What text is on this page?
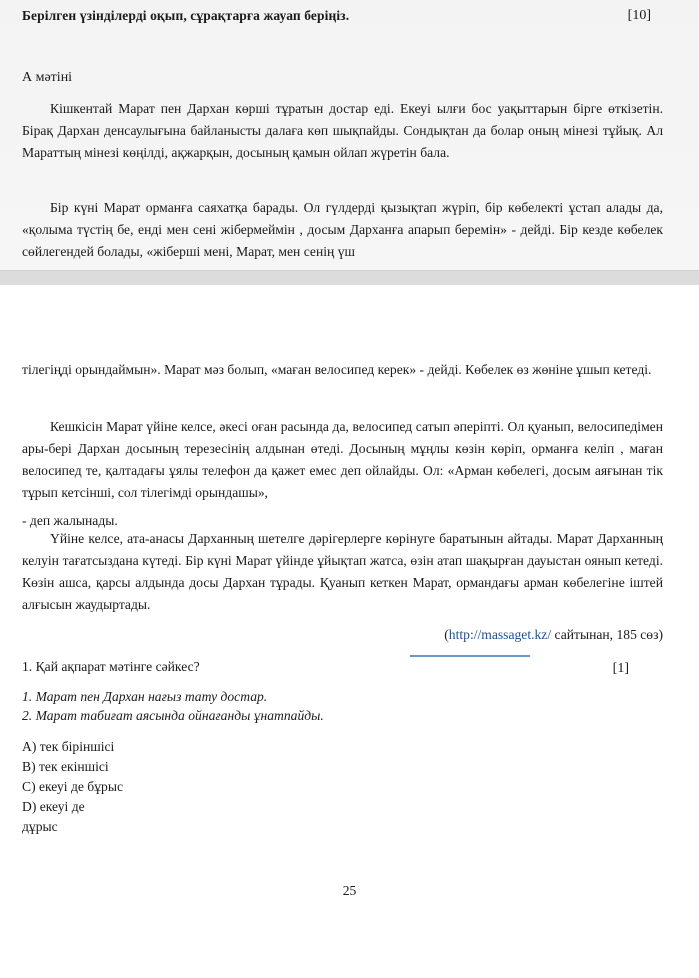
Берілген үзінділерді оқып, сұрақтарға жауап беріңіз.	[10]
А мәтіні
Кішкентай Марат пен Дархан көрші тұратын достар еді. Екеуі ылғи бос уақыттарын бірге өткізетін. Бірақ Дархан денсаулығына байланысты далаға көп шықпайды. Сондықтан да болар оның мінезі тұйық. Ал Мараттың мінезі көңілді, ақжарқын, досының қамын ойлап жүретін бала.
Бір күні Марат орманға саяхатқа барады. Ол гүлдерді қызықтап жүріп, бір көбелекті ұстап алады да, «қолыма түстің бе, енді мен сені жібермеймін , досым Дарханға апарып беремін» - дейді. Бір кезде көбелек сөйлегендей болады, «жіберші мені, Марат, мен сенің үш
тілегіңді орындаймын». Марат мәз болып, «маған велосипед керек» - дейді. Көбелек өз жөніне ұшып кетеді.
Кешкісін Марат үйіне келсе, әкесі оған расында да, велосипед сатып әперіпті. Ол қуанып, велосипедімен ары-бері Дархан досының терезесінің алдынан өтеді. Досының мұңлы көзін көріп, орманға келіп , маған велосипед те, қалтадағы ұялы телефон да қажет емес деп ойлайды. Ол: «Арман көбелегі, досым аяғынан тік тұрып кетсінші, сол тілегімді орындашы»,
- деп жалынады.
Үйіне келсе, ата-анасы Дарханның шетелге дәрігерлерге көрінуге баратынын айтады. Марат Дарханның келуін тағатсыздана күтеді. Бір күні Марат үйінде ұйықтап жатса, өзін атап шақырған дауыстан оянып кетеді. Көзін ашса, қарсы алдында досы Дархан тұрады. Қуанып кеткен Марат, ормандағы арман көбелегіне іштей алғысын жаудыртады.
(http://massaget.kz/ сайтынан, 185 сөз)
1. Қай ақпарат мәтінге сәйкес?	[1]
1. Марат пен Дархан нағыз тату достар.
2. Марат табиғат аясында ойнағанды ұнатпайды.
A) тек біріншісі
B) тек екіншісі
C) екеуі де бұрыс
D) екеуі де
дұрыс
25
